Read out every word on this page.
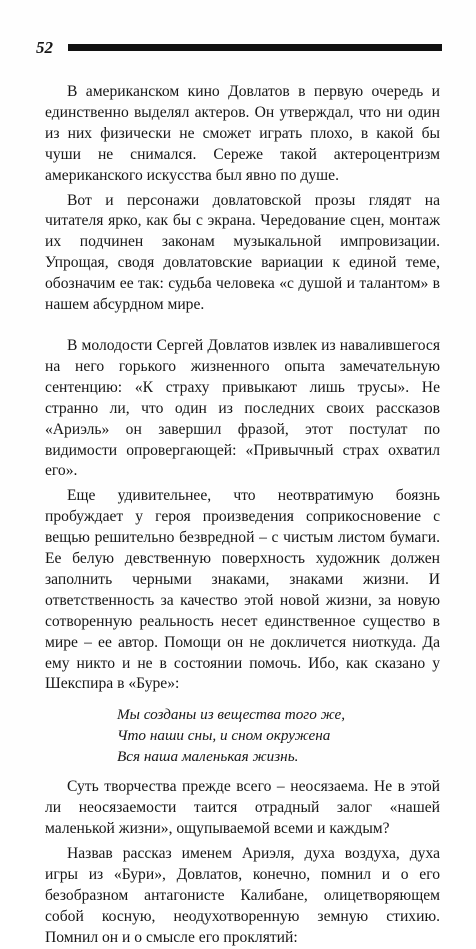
52

В американском кино Довлатов в первую очередь и единственно выделял актеров. Он утверждал, что ни один из них физически не сможет играть плохо, в какой бы чуши не снимался. Сереже такой актероцентризм американского искусства был явно по душе.

Вот и персонажи довлатовской прозы глядят на читателя ярко, как бы с экрана. Чередование сцен, монтаж их подчинен законам музыкальной импровизации. Упрощая, сводя довлатовские вариации к единой теме, обозначим ее так: судьба человека «с душой и талантом» в нашем абсурдном мире.

В молодости Сергей Довлатов извлек из навалившегося на него горького жизненного опыта замечательную сентенцию: «К страху привыкают лишь трусы». Не странно ли, что один из последних своих рассказов «Ариэль» он завершил фразой, этот постулат по видимости опровергающей: «Привычный страх охватил его».

Еще удивительнее, что неотвратимую боязнь пробуждает у героя произведения соприкосновение с вещью решительно безвредной – с чистым листом бумаги. Ее белую девственную поверхность художник должен заполнить черными знаками, знаками жизни. И ответственность за качество этой новой жизни, за новую сотворенную реальность несет единственное существо в мире – ее автор. Помощи он не докличется ниоткуда. Да ему никто и не в состоянии помочь. Ибо, как сказано у Шекспира в «Буре»:

Мы созданы из вещества того же,
Что наши сны, и сном окружена
Вся наша маленькая жизнь.

Суть творчества прежде всего – неосязаема. Не в этой ли неосязаемости таится отрадный залог «нашей маленькой жизни», ощупываемой всеми и каждым?

Назвав рассказ именем Ариэля, духа воздуха, духа игры из «Бури», Довлатов, конечно, помнил и о его безобразном антагонисте Калибане, олицетворяющем собой косную, неодухотворенную земную стихию. Помнил он и о смысле его проклятий:
